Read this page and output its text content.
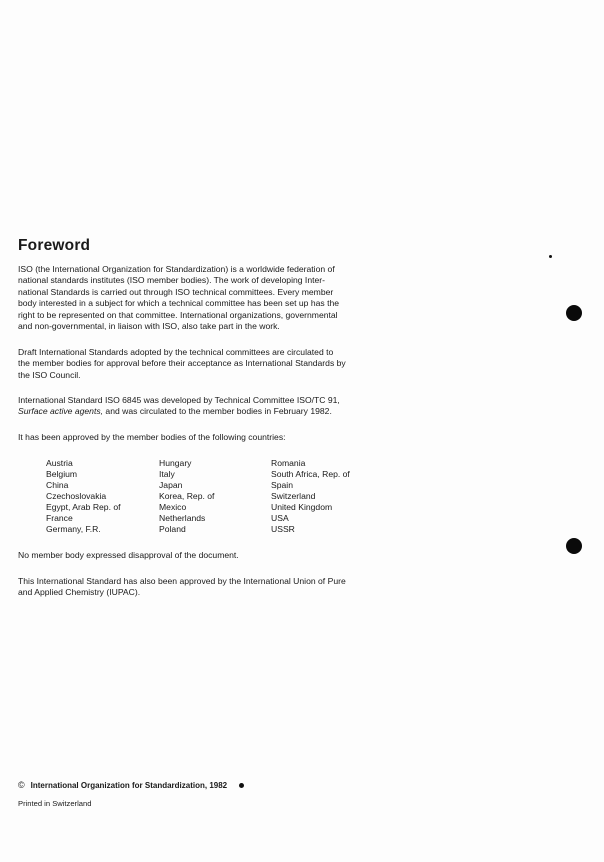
Foreword

ISO (the International Organization for Standardization) is a worldwide federation of
national standards institutes (ISO member bodies). The work of developing Inter-
national Standards is carried out through ISO technical committees. Every member
body interested in a subject for which a technical committee has been set up has the
right to be represented on that committee. International organizations, governmental
and non-governmental, in liaison with ISO, also take part in the work.

Draft International Standards adopted by the technical committees are circulated to
the member bodies for approval before their acceptance as International Standards by
the ISO Council.

International Standard ISO 6845 was developed by Technical Committee ISO/TC 91,
Surface active agents, and was circulated to the member bodies in February 1982.

It has been approved by the member bodies of the following countries:

Austria
Belgium
China
Czechoslovakia
Egypt, Arab Rep. of
France
Germany, F.R.
Hungary
Italy
Japan
Korea, Rep. of
Mexico
Netherlands
Poland
Romania
South Africa, Rep. of
Spain
Switzerland
United Kingdom
USA
USSR

No member body expressed disapproval of the document.

This International Standard has also been approved by the International Union of Pure
and Applied Chemistry (IUPAC).

© International Organization for Standardization, 1982
Printed in Switzerland
